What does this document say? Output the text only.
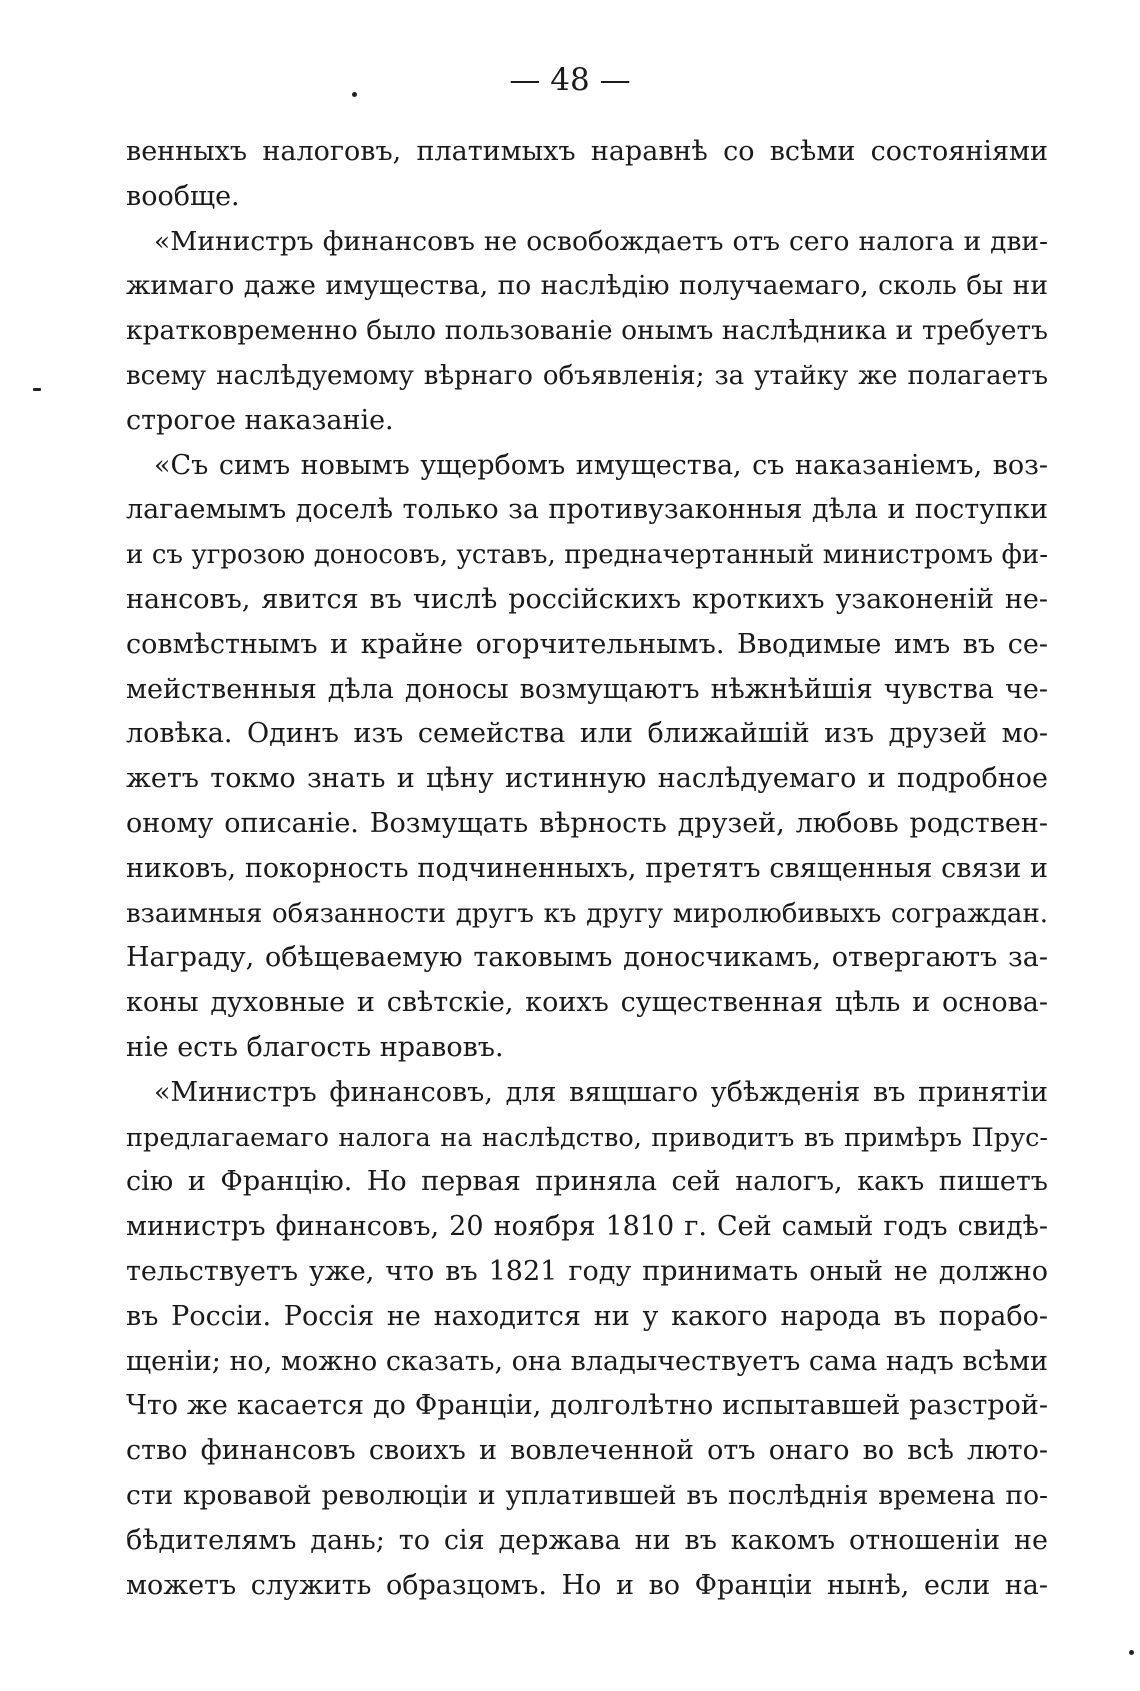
— 48 —
венныхъ налоговъ, платимыхъ наравнѣ со всѣми состояніями
вообще.
«Министръ финансовъ не освобождаетъ отъ сего налога и дви-
жимаго даже имущества, по наслѣдію получаемаго, сколь бы ни
кратковременно было пользованіе онымъ наслѣдника и требуетъ
всему наслѣдуемому вѣрнаго объявленія; за утайку же полагаетъ
строгое наказаніе.
«Съ симъ новымъ ущербомъ имущества, съ наказаніемъ, воз-
лагаемымъ доселѣ только за противузаконныя дѣла и поступки
и съ угрозою доносовъ, уставъ, предначертанный министромъ фи-
нансовъ, явится въ числѣ россійскихъ кроткихъ узаконеній не-
совмѣстнымъ и крайне огорчительнымъ. Вводимые имъ въ се-
мейственныя дѣла доносы возмущаютъ нѣжнѣйшія чувства че-
ловѣка. Одинъ изъ семейства или ближайшій изъ друзей мо-
жетъ токмо знать и цѣну истинную наслѣдуемаго и подробное
оному описаніе. Возмущать вѣрность друзей, любовь родствен-
никовъ, покорность подчиненныхъ, претятъ священныя связи и
взаимныя обязанности другъ къ другу миролюбивыхъ сограждан.
Награду, обѣщеваемую таковымъ доносчикамъ, отвергаютъ за-
коны духовные и свѣтскіе, коихъ существенная цѣль и основа-
ніе есть благость нравовъ.
«Министръ финансовъ, для вящшаго убѣжденія въ принятіи
предлагаемаго налога на наслѣдство, приводитъ въ примѣръ Прус-
сію и Францію. Но первая приняла сей налогъ, какъ пишетъ
министръ финансовъ, 20 ноября 1810 г. Сей самый годъ свидѣ-
тельствуетъ уже, что въ 1821 году принимать оный не должно
въ Россіи. Россія не находится ни у какого народа въ порабо-
щеніи; но, можно сказать, она владычествуетъ сама надъ всѣми
Что же касается до Франціи, долголѣтно испытавшей разстрой-
ство финансовъ своихъ и вовлеченной отъ онаго во всѣ люто-
сти кровавой революціи и уплатившей въ послѣднія времена по-
бѣдителямъ дань; то сія держава ни въ какомъ отношеніи не
можетъ служить образцомъ. Но и во Франціи нынѣ, если на-
